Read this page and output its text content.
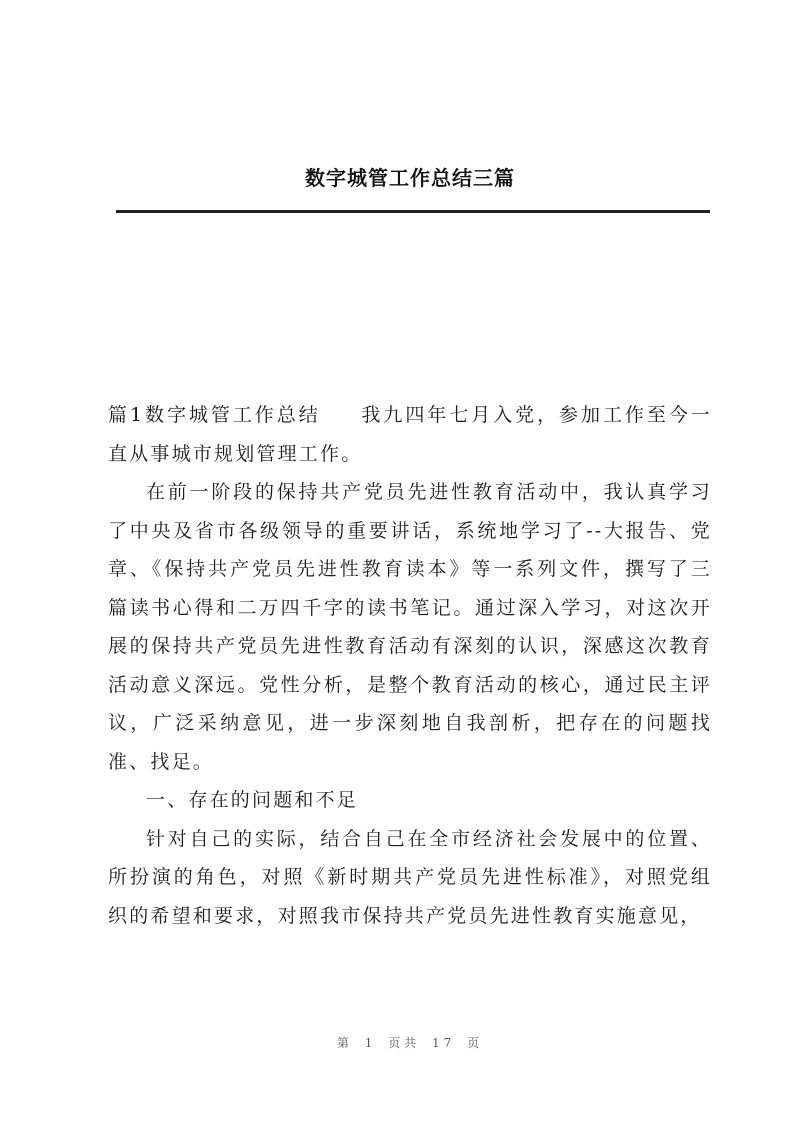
数字城管工作总结三篇

篇1数字城管工作总结 我九四年七月入党，参加工作至今一直从事城市规划管理工作。

在前一阶段的保持共产党员先进性教育活动中，我认真学习了中央及省市各级领导的重要讲话，系统地学习了--大报告、党章、《保持共产党员先进性教育读本》等一系列文件，撰写了三篇读书心得和二万四千字的读书笔记。通过深入学习，对这次开展的保持共产党员先进性教育活动有深刻的认识，深感这次教育活动意义深远。党性分析，是整个教育活动的核心，通过民主评议，广泛采纳意见，进一步深刻地自我剖析，把存在的问题找准、找足。

一、存在的问题和不足

针对自己的实际，结合自己在全市经济社会发展中的位置、所扮演的角色，对照《新时期共产党员先进性标准》，对照党组织的希望和要求，对照我市保持共产党员先进性教育实施意见，

第 1 页共 17 页
